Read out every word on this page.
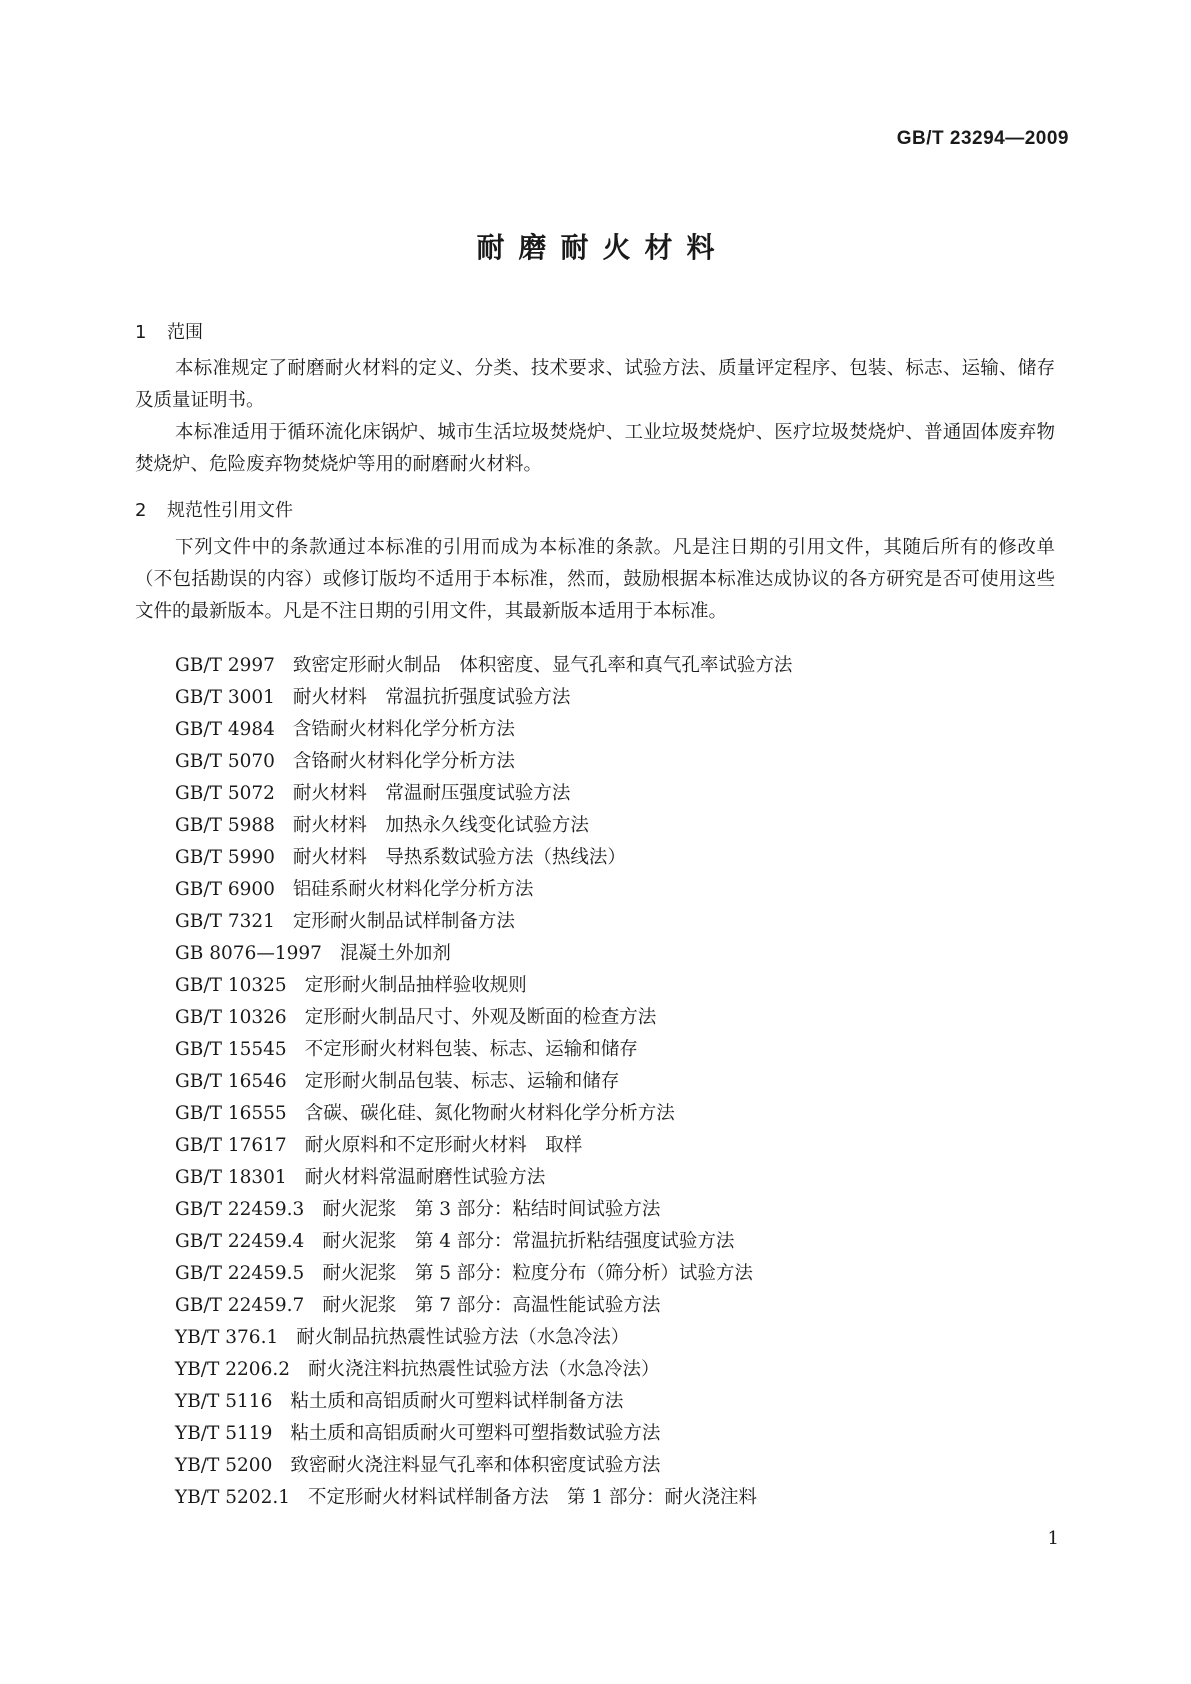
GB/T 23294—2009
耐磨耐火材料
1 范围

本标准规定了耐磨耐火材料的定义、分类、技术要求、试验方法、质量评定程序、包装、标志、运输、储存及质量证明书。

本标准适用于循环流化床锅炉、城市生活垃圾焚烧炉、工业垃圾焚烧炉、医疗垃圾焚烧炉、普通固体废弃物焚烧炉、危险废弃物焚烧炉等用的耐磨耐火材料。

2 规范性引用文件

下列文件中的条款通过本标准的引用而成为本标准的条款。凡是注日期的引用文件，其随后所有的修改单（不包括勘误的内容）或修订版均不适用于本标准，然而，鼓励根据本标准达成协议的各方研究是否可使用这些文件的最新版本。凡是不注日期的引用文件，其最新版本适用于本标准。

GB/T 2997 致密定形耐火制品　体积密度、显气孔率和真气孔率试验方法
GB/T 3001 耐火材料　常温抗折强度试验方法
GB/T 4984 含锆耐火材料化学分析方法
GB/T 5070 含铬耐火材料化学分析方法
GB/T 5072 耐火材料　常温耐压强度试验方法
GB/T 5988 耐火材料　加热永久线变化试验方法
GB/T 5990 耐火材料　导热系数试验方法（热线法）
GB/T 6900 铝硅系耐火材料化学分析方法
GB/T 7321 定形耐火制品试样制备方法
GB 8076—1997 混凝土外加剂
GB/T 10325 定形耐火制品抽样验收规则
GB/T 10326 定形耐火制品尺寸、外观及断面的检查方法
GB/T 15545 不定形耐火材料包装、标志、运输和储存
GB/T 16546 定形耐火制品包装、标志、运输和储存
GB/T 16555 含碳、碳化硅、氮化物耐火材料化学分析方法
GB/T 17617 耐火原料和不定形耐火材料　取样
GB/T 18301 耐火材料常温耐磨性试验方法
GB/T 22459.3 耐火泥浆　第 3 部分：粘结时间试验方法
GB/T 22459.4 耐火泥浆　第 4 部分：常温抗折粘结强度试验方法
GB/T 22459.5 耐火泥浆　第 5 部分：粒度分布（筛分析）试验方法
GB/T 22459.7 耐火泥浆　第 7 部分：高温性能试验方法
YB/T 376.1 耐火制品抗热震性试验方法（水急冷法）
YB/T 2206.2 耐火浇注料抗热震性试验方法（水急冷法）
YB/T 5116 粘土质和高铝质耐火可塑料试样制备方法
YB/T 5119 粘土质和高铝质耐火可塑料可塑指数试验方法
YB/T 5200 致密耐火浇注料显气孔率和体积密度试验方法
YB/T 5202.1 不定形耐火材料试样制备方法　第 1 部分：耐火浇注料
1
